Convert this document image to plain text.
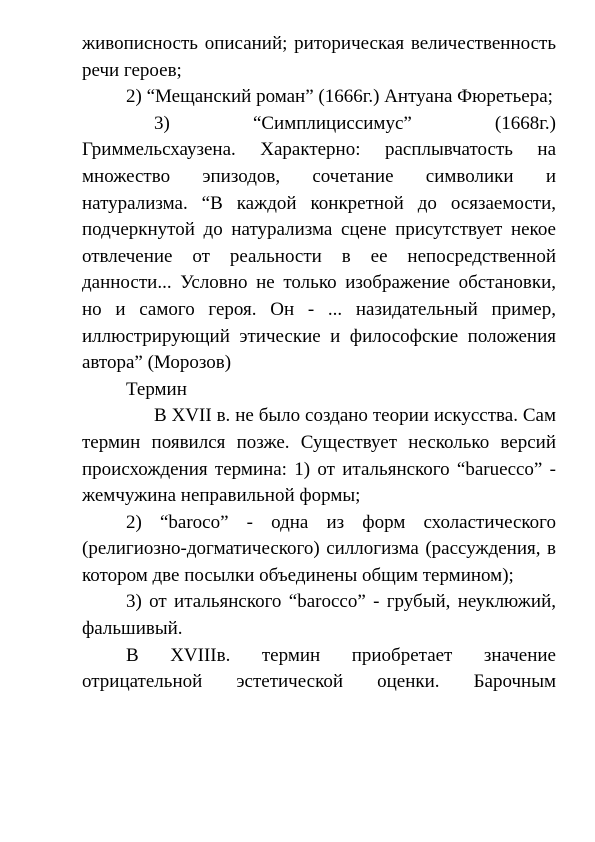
живописность описаний; риторическая величественность речи героев;

2) “Мещанский роман” (1666г.) Антуана Фюретьера;

3) “Симплициссимус” (1668г.) Гриммельсхаузена. Характерно: расплывчатость на множество эпизодов, сочетание символики и натурализма. “В каждой конкретной до осязаемости, подчеркнутой до натурализма сцене присутствует некое отвлечение от реальности в ее непосредственной данности... Условно не только изображение обстановки, но и самого героя. Он - ... назидательный пример, иллюстрирующий этические и философские положения автора” (Морозов)

Термин

В XVII в. не было создано теории искусства. Сам термин появился позже. Существует несколько версий происхождения термина: 1) от итальянского “baruecco” - жемчужина неправильной формы;

2) “barocо” - одна из форм схоластического (религиозно-догматического) силлогизма (рассуждения, в котором две посылки объединены общим термином);

3) от итальянского “barocco” - грубый, неуклюжий, фальшивый.

В XVIIIв. термин приобретает значение отрицательной эстетической оценки. Барочным
